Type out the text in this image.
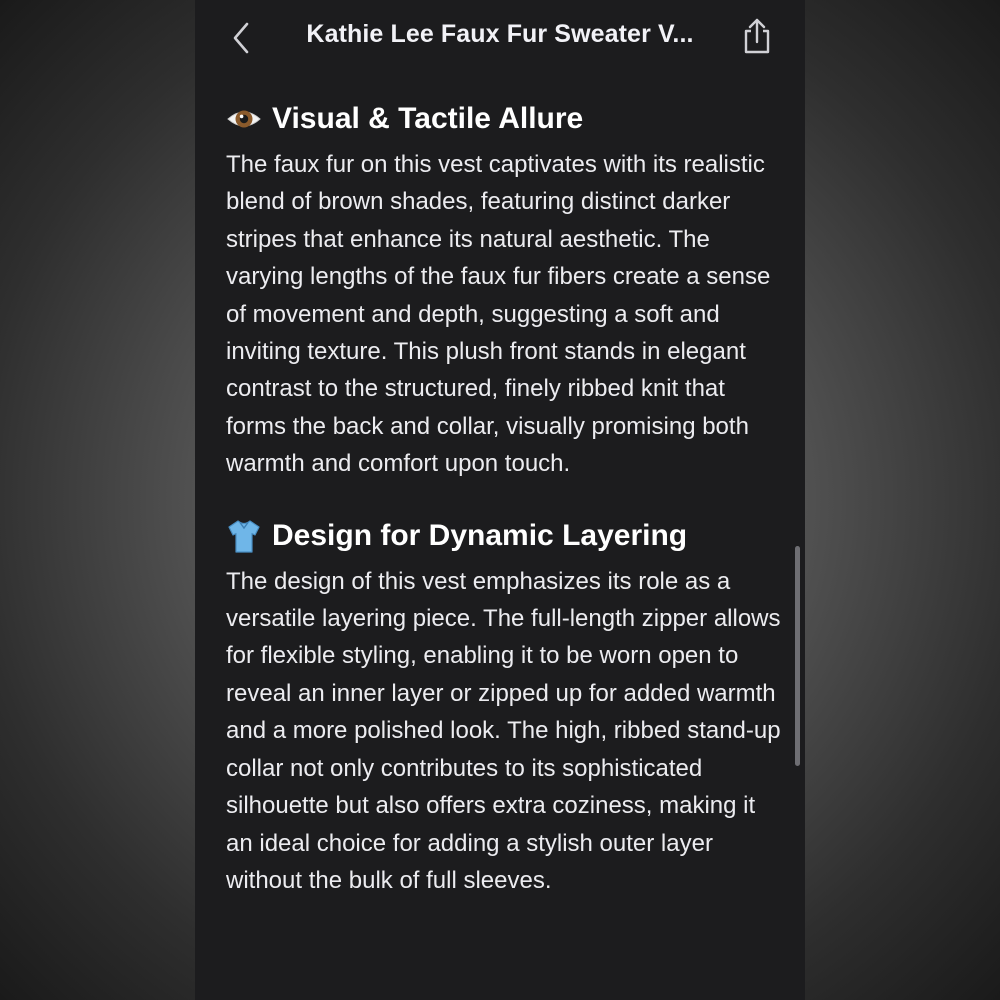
Kathie Lee Faux Fur Sweater V...
Visual & Tactile Allure

The faux fur on this vest captivates with its realistic blend of brown shades, featuring distinct darker stripes that enhance its natural aesthetic. The varying lengths of the faux fur fibers create a sense of movement and depth, suggesting a soft and inviting texture. This plush front stands in elegant contrast to the structured, finely ribbed knit that forms the back and collar, visually promising both warmth and comfort upon touch.

Design for Dynamic Layering

The design of this vest emphasizes its role as a versatile layering piece. The full-length zipper allows for flexible styling, enabling it to be worn open to reveal an inner layer or zipped up for added warmth and a more polished look. The high, ribbed stand-up collar not only contributes to its sophisticated silhouette but also offers extra coziness, making it an ideal choice for adding a stylish outer layer without the bulk of full sleeves.
